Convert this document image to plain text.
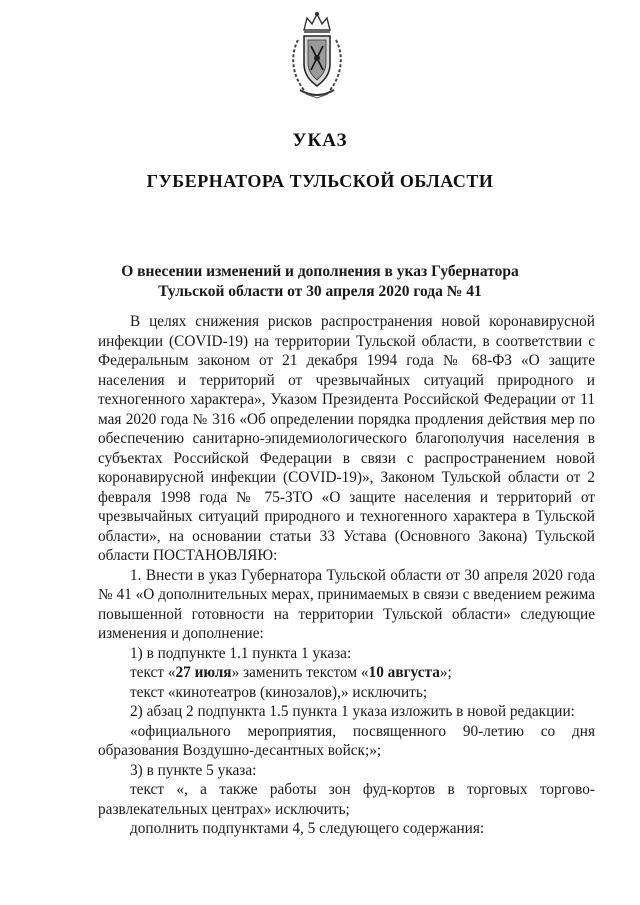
УКАЗ
ГУБЕРНАТОРА ТУЛЬСКОЙ ОБЛАСТИ
О внесении изменений и дополнения в указ Губернатора
Тульской области от 30 апреля 2020 года № 41

В целях снижения рисков распространения новой коронавирусной инфекции (COVID-19) на территории Тульской области, в соответствии с Федеральным законом от 21 декабря 1994 года № 68-ФЗ «О защите населения и территорий от чрезвычайных ситуаций природного и техногенного характера», Указом Президента Российской Федерации от 11 мая 2020 года № 316 «Об определении порядка продления действия мер по обеспечению санитарно-эпидемиологического благополучия населения в субъектах Российской Федерации в связи с распространением новой коронавирусной инфекции (COVID-19)», Законом Тульской области от 2 февраля 1998 года № 75-ЗТО «О защите населения и территорий от чрезвычайных ситуаций природного и техногенного характера в Тульской области», на основании статьи 33 Устава (Основного Закона) Тульской области ПОСТАНОВЛЯЮ:

1. Внести в указ Губернатора Тульской области от 30 апреля 2020 года № 41 «О дополнительных мерах, принимаемых в связи с введением режима повышенной готовности на территории Тульской области» следующие изменения и дополнение:

1) в подпункте 1.1 пункта 1 указа:

текст «27 июля» заменить текстом «10 августа»;

текст «кинотеатров (кинозалов),» исключить;

2) абзац 2 подпункта 1.5 пункта 1 указа изложить в новой редакции:

«официального мероприятия, посвященного 90-летию со дня образования Воздушно-десантных войск;»;

3) в пункте 5 указа:

текст «, а также работы зон фуд-кортов в торговых торгово-развлекательных центрах» исключить;

дополнить подпунктами 4, 5 следующего содержания:
